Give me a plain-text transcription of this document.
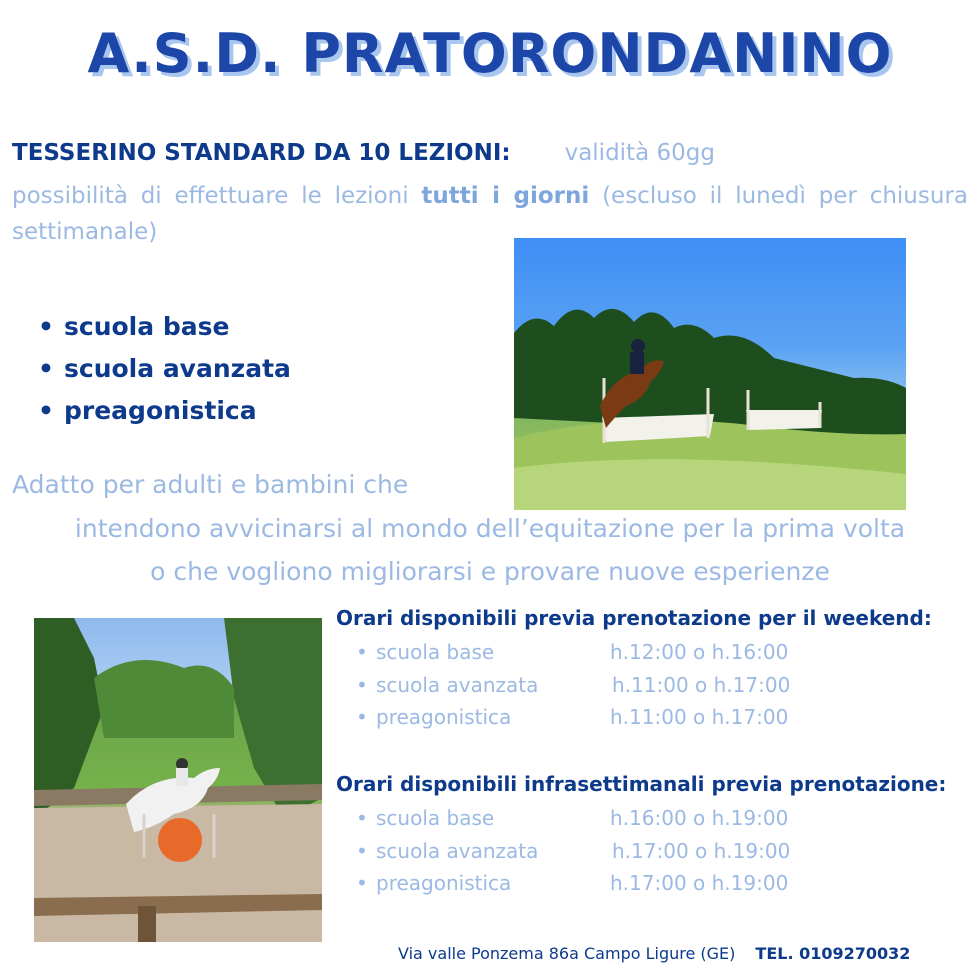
A.S.D. PRATORONDANINO
TESSERINO STANDARD DA 10 LEZIONI: validità 60gg
possibilità di effettuare le lezioni tutti i giorni (escluso il lunedì per chiusura settimanale)
• scuola base
• scuola avanzata
• preagonistica
Adatto per adulti e bambini che
intendono avvicinarsi al mondo dell’equitazione per la prima volta
o che vogliono migliorarsi e provare nuove esperienze
Orari disponibili previa prenotazione per il weekend:
• scuola base	h.12:00 o h.16:00
• scuola avanzata	h.11:00 o h.17:00
• preagonistica	h.11:00 o h.17:00
Orari disponibili infrasettimanali previa prenotazione:
• scuola base	h.16:00 o h.19:00
• scuola avanzata	h.17:00 o h.19:00
• preagonistica	h.17:00 o h.19:00
Via valle Ponzema 86a Campo Ligure (GE) TEL. 0109270032
